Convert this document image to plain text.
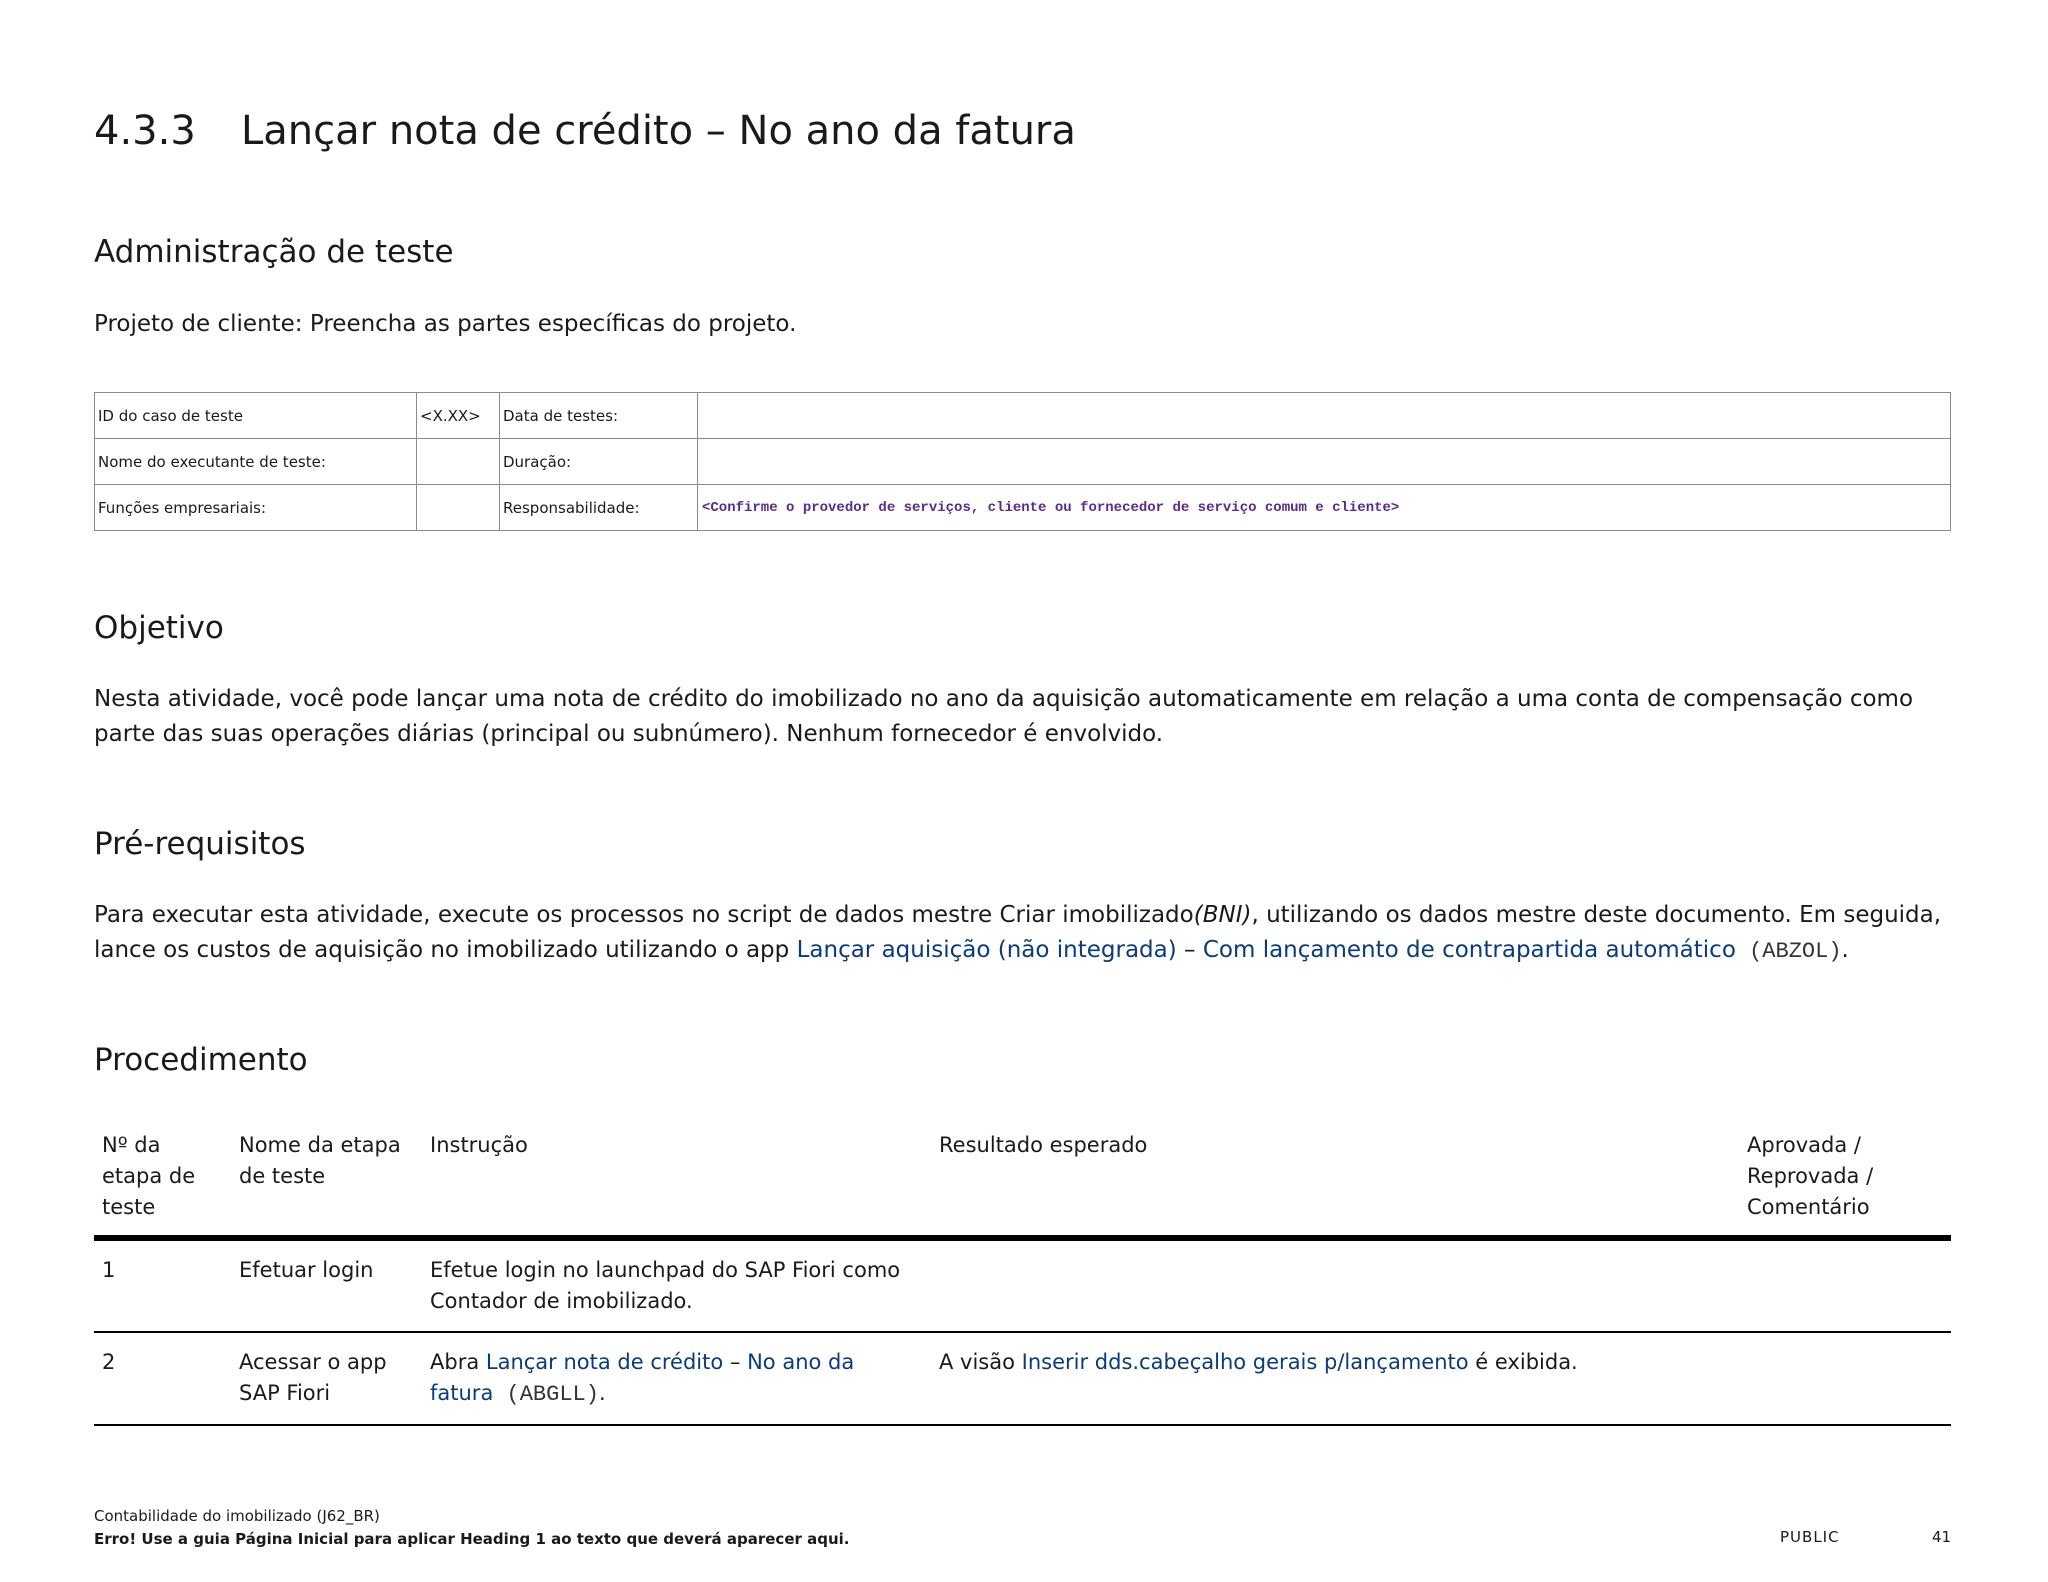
4.3.3 Lançar nota de crédito – No ano da fatura
Administração de teste
Projeto de cliente: Preencha as partes específicas do projeto.
ID do caso de teste	<X.XX>	Data de testes:	
Nome do executante de teste:		Duração:	
Funções empresariais:		Responsabilidade:	<Confirme o provedor de serviços, cliente ou fornecedor de serviço comum e cliente>
Objetivo
Nesta atividade, você pode lançar uma nota de crédito do imobilizado no ano da aquisição automaticamente em relação a uma conta de compensação como parte das suas operações diárias (principal ou subnúmero). Nenhum fornecedor é envolvido.
Pré-requisitos
Para executar esta atividade, execute os processos no script de dados mestre Criar imobilizado(BNI), utilizando os dados mestre deste documento. Em seguida, lance os custos de aquisição no imobilizado utilizando o app Lançar aquisição (não integrada) – Com lançamento de contrapartida automático (ABZOL).
Procedimento
Nº da etapa de teste	Nome da etapa de teste	Instrução	Resultado esperado	Aprovada / Reprovada / Comentário
1	Efetuar login	Efetue login no launchpad do SAP Fiori como Contador de imobilizado.		
2	Acessar o app SAP Fiori	Abra Lançar nota de crédito – No ano da fatura (ABGLL).	A visão Inserir dds.cabeçalho gerais p/lançamento é exibida.	
Contabilidade do imobilizado (J62_BR)
Erro! Use a guia Página Inicial para aplicar Heading 1 ao texto que deverá aparecer aqui.	PUBLIC	41
